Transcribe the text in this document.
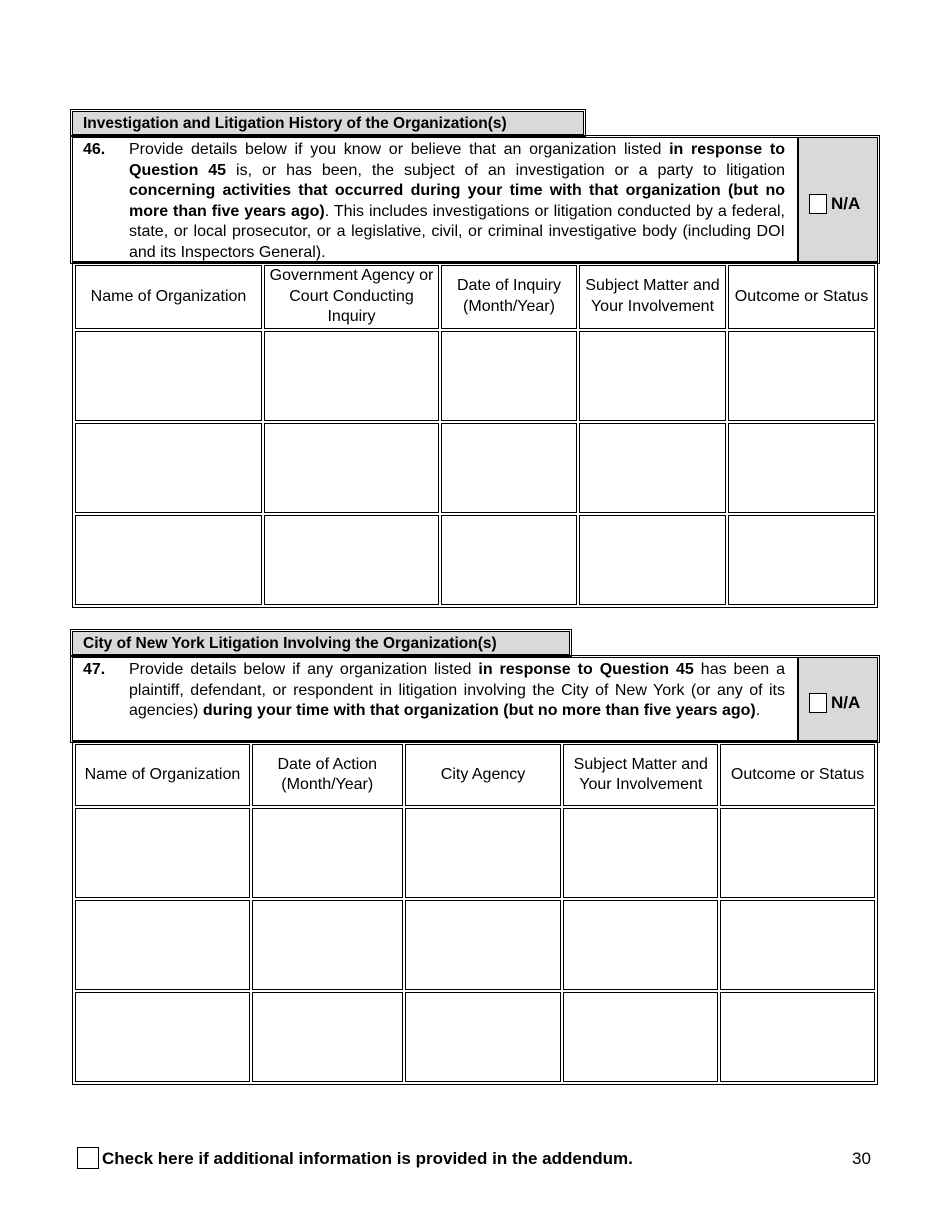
Investigation and Litigation History of the Organization(s)
46. Provide details below if you know or believe that an organization listed in response to Question 45 is, or has been, the subject of an investigation or a party to litigation concerning activities that occurred during your time with that organization (but no more than five years ago). This includes investigations or litigation conducted by a federal, state, or local prosecutor, or a legislative, civil, or criminal investigative body (including DOI and its Inspectors General).
N/A
Name of Organization	Government Agency or Court Conducting Inquiry	Date of Inquiry (Month/Year)	Subject Matter and Your Involvement	Outcome or Status

City of New York Litigation Involving the Organization(s)
47. Provide details below if any organization listed in response to Question 45 has been a plaintiff, defendant, or respondent in litigation involving the City of New York (or any of its agencies) during your time with that organization (but no more than five years ago).	N/A
Name of Organization	Date of Action (Month/Year)	City Agency	Subject Matter and Your Involvement	Outcome or Status

Check here if additional information is provided in the addendum.	30
